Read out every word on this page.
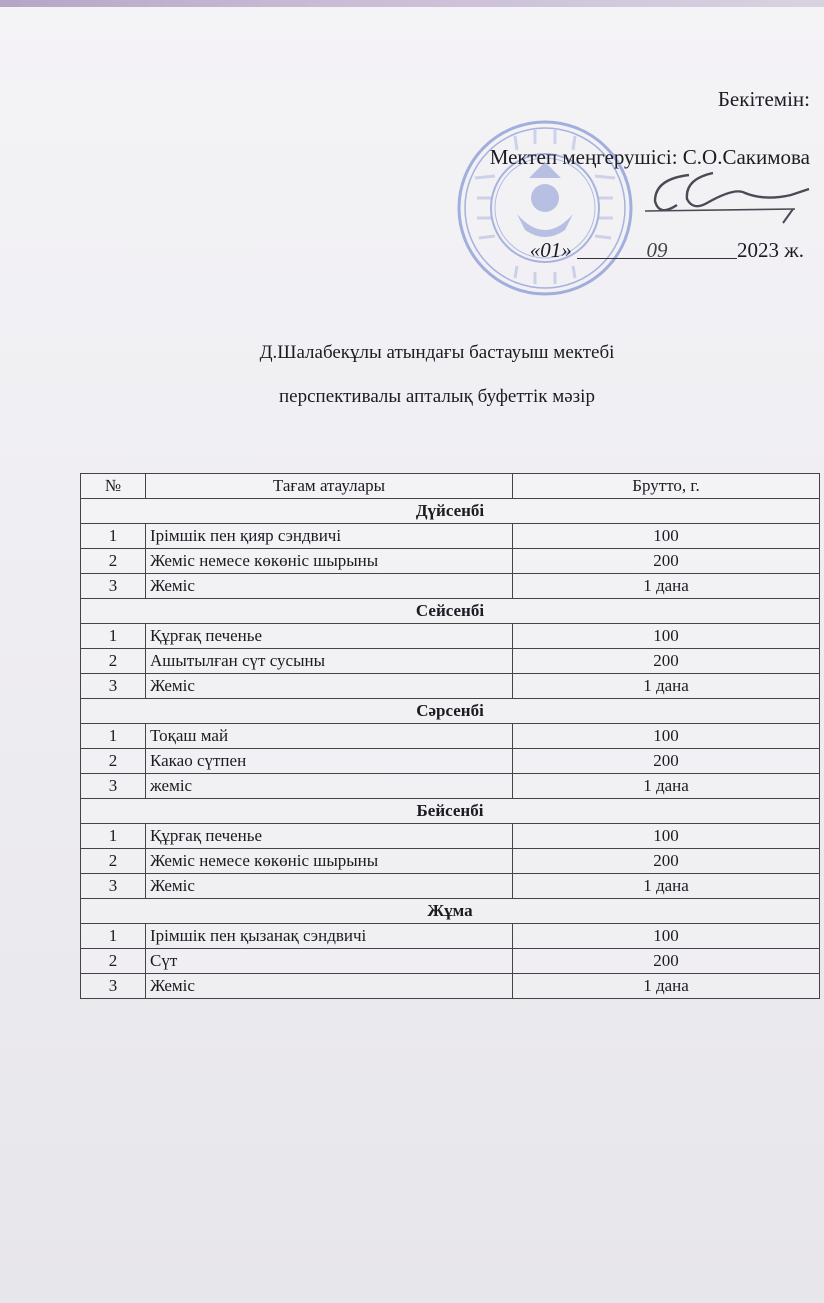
Бекітемін:
Мектеп меңгерушісі: С.О.Сакимова
«01»	09	2023 ж.
Д.Шалабекұлы атындағы бастауыш мектебі
перспективалы апталық буфеттік мәзір
№	Тағам атаулары	Брутто, г.
Дүйсенбі		
1	Ірімшік пен қияр сэндвичі	100
2	Жеміс немесе көкөніс шырыны	200
3	Жеміс	1 дана
Сейсенбі		
1	Құрғақ печенье	100
2	Ашытылған сүт сусыны	200
3	Жеміс	1 дана
Сәрсенбі		
1	Тоқаш май	100
2	Какао сүтпен	200
3	жеміс	1 дана
Бейсенбі		
1	Құрғақ печенье	100
2	Жеміс немесе көкөніс шырыны	200
3	Жеміс	1 дана
Жұма		
1	Ірімшік пен қызанақ сэндвичі	100
2	Сүт	200
3	Жеміс	1 дана
